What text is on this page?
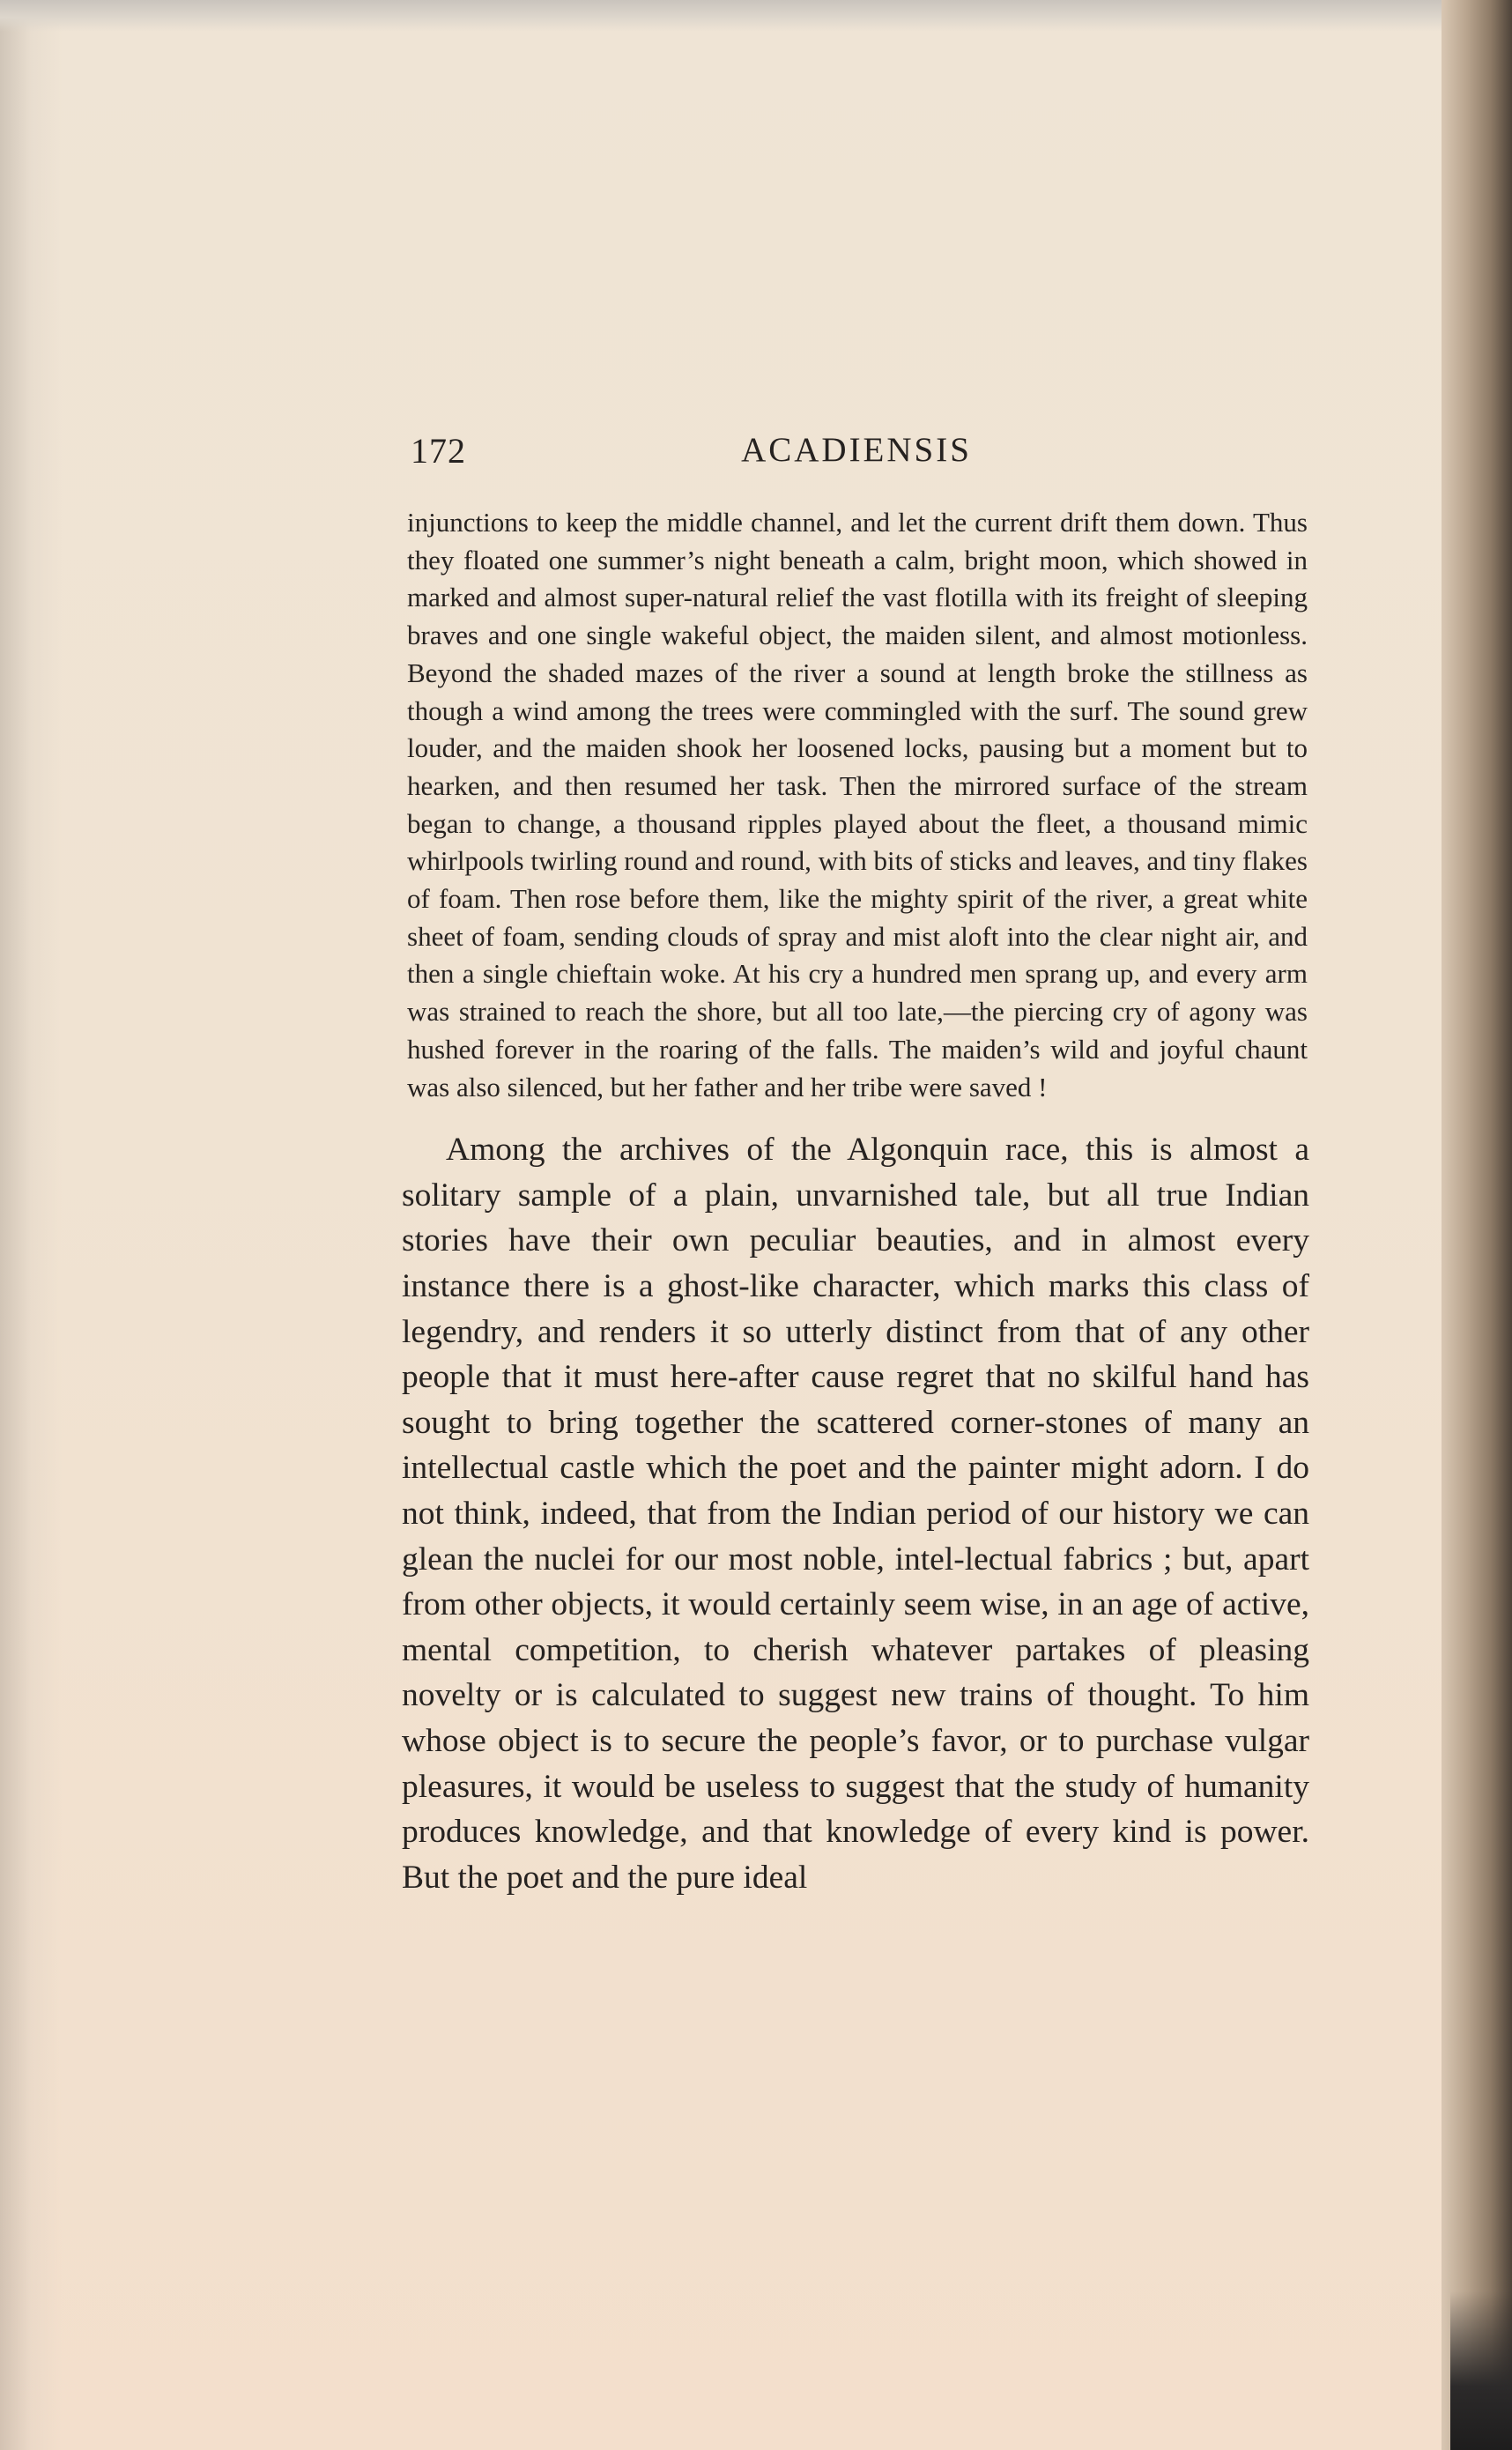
172	ACADIENSIS

injunctions to keep the middle channel, and let the current drift them down. Thus they floated one summer’s night beneath a calm, bright moon, which showed in marked and almost super-natural relief the vast flotilla with its freight of sleeping braves and one single wakeful object, the maiden silent, and almost motionless. Beyond the shaded mazes of the river a sound at length broke the stillness as though a wind among the trees were commingled with the surf. The sound grew louder, and the maiden shook her loosened locks, pausing but a moment but to hearken, and then resumed her task. Then the mirrored surface of the stream began to change, a thousand ripples played about the fleet, a thousand mimic whirlpools twirling round and round, with bits of sticks and leaves, and tiny flakes of foam. Then rose before them, like the mighty spirit of the river, a great white sheet of foam, sending clouds of spray and mist aloft into the clear night air, and then a single chieftain woke. At his cry a hundred men sprang up, and every arm was strained to reach the shore, but all too late,—the piercing cry of agony was hushed forever in the roaring of the falls. The maiden’s wild and joyful chaunt was also silenced, but her father and her tribe were saved !

Among the archives of the Algonquin race, this is almost a solitary sample of a plain, unvarnished tale, but all true Indian stories have their own peculiar beauties, and in almost every instance there is a ghost-like character, which marks this class of legendry, and renders it so utterly distinct from that of any other people that it must here-after cause regret that no skilful hand has sought to bring together the scattered corner-stones of many an intellectual castle which the poet and the painter might adorn. I do not think, indeed, that from the Indian period of our history we can glean the nuclei for our most noble, intel-lectual fabrics ; but, apart from other objects, it would certainly seem wise, in an age of active, mental competition, to cherish whatever partakes of pleasing novelty or is calculated to suggest new trains of thought. To him whose object is to secure the people’s favor, or to purchase vulgar pleasures, it would be useless to suggest that the study of humanity produces knowledge, and that knowledge of every kind is power. But the poet and the pure ideal
